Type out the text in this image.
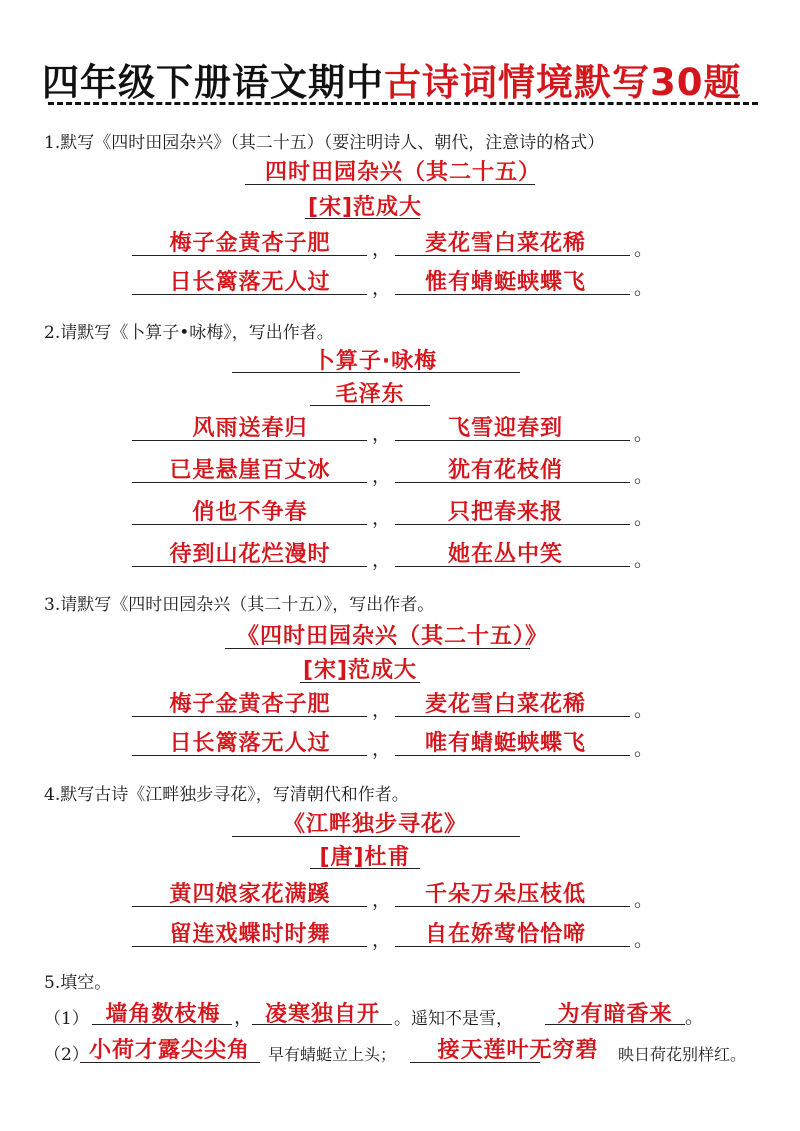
四年级下册语文期中古诗词情境默写30题
1.默写《四时田园杂兴》（其二十五）（要注明诗人、朝代，注意诗的格式）
四时田园杂兴（其二十五）
[宋]范成大
梅子金黄杏子肥	，	麦花雪白菜花稀	。
日长篱落无人过	，	惟有蜻蜓蛱蝶飞	。
2.请默写《卜算子•咏梅》，写出作者。
卜算子·咏梅
毛泽东
风雨送春归	，	飞雪迎春到	。
已是悬崖百丈冰	，	犹有花枝俏	。
俏也不争春	，	只把春来报	。
待到山花烂漫时	，	她在丛中笑	。
3.请默写《四时田园杂兴（其二十五）》，写出作者。
《四时田园杂兴（其二十五）》
[宋]范成大
梅子金黄杏子肥	，	麦花雪白菜花稀	。
日长篱落无人过	，	唯有蜻蜓蛱蝶飞	。
4.默写古诗《江畔独步寻花》，写清朝代和作者。
《江畔独步寻花》
[唐]杜甫
黄四娘家花满蹊	，	千朵万朵压枝低	。
留连戏蝶时时舞	，	自在娇莺恰恰啼	。
5.填空。
（1） 墙角数枝梅 ， 凌寒独自开 。遥知不是雪，	为有暗香来 。
（2） 小荷才露尖尖角	早有蜻蜓立上头；	接天莲叶无穷碧	映日荷花别样红。
